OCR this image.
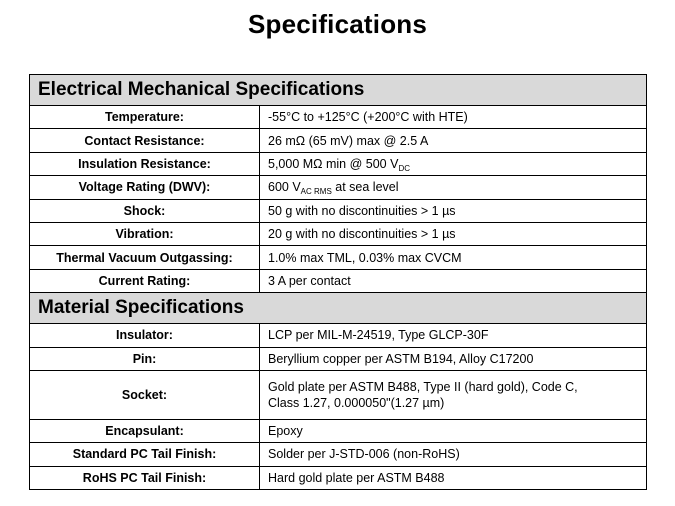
Specifications
Electrical Mechanical Specifications	
Temperature:	-55°C to +125°C (+200°C with HTE)
Contact Resistance:	26 mΩ (65 mV) max @ 2.5 A
Insulation Resistance:	5,000 MΩ min @ 500 $V_{DC}$
Voltage Rating (DWV):	600 $V_{AC RMS}$ at sea level
Shock:	50 g with no discontinuities > 1 µs
Vibration:	20 g with no discontinuities > 1 µs
Thermal Vacuum Outgassing:	1.0% max TML, 0.03% max CVCM
Current Rating:	3 A per contact
Material Specifications	
Insulator:	LCP per MIL-M-24519, Type GLCP-30F
Pin:	Beryllium copper per ASTM B194, Alloy C17200
Socket:	Gold plate per ASTM B488, Type II (hard gold), Code C,
Class 1.27, 0.000050"(1.27 µm)

Encapsulant:	Epoxy
Standard PC Tail Finish:	Solder per J-STD-006 (non-RoHS)
RoHS PC Tail Finish:	Hard gold plate per ASTM B488
